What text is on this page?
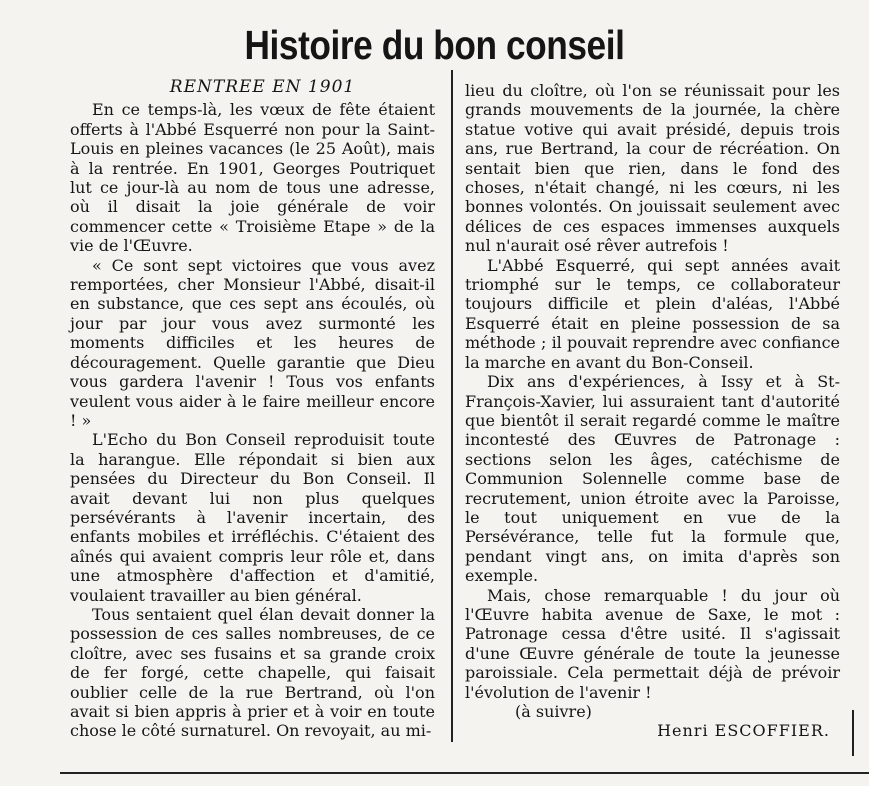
Histoire du bon conseil
RENTREE EN 1901

En ce temps-là, les vœux de fête étaient offerts à l'Abbé Esquerré non pour la Saint-Louis en pleines vacances (le 25 Août), mais à la rentrée. En 1901, Georges Poutriquet lut ce jour-là au nom de tous une adresse, où il disait la joie générale de voir commencer cette « Troisième Etape » de la vie de l'Œuvre.

« Ce sont sept victoires que vous avez remportées, cher Monsieur l'Abbé, disait-il en substance, que ces sept ans écoulés, où jour par jour vous avez surmonté les moments difficiles et les heures de découragement. Quelle garantie que Dieu vous gardera l'avenir ! Tous vos enfants veulent vous aider à le faire meilleur encore ! »

L'Echo du Bon Conseil reproduisit toute la harangue. Elle répondait si bien aux pensées du Directeur du Bon Conseil. Il avait devant lui non plus quelques persévérants à l'avenir incertain, des enfants mobiles et irréfléchis. C'étaient des aînés qui avaient compris leur rôle et, dans une atmosphère d'affection et d'amitié, voulaient travailler au bien général.

Tous sentaient quel élan devait donner la possession de ces salles nombreuses, de ce cloître, avec ses fusains et sa grande croix de fer forgé, cette chapelle, qui faisait oublier celle de la rue Bertrand, où l'on avait si bien appris à prier et à voir en toute chose le côté surnaturel. On revoyait, au mi-

lieu du cloître, où l'on se réunissait pour les grands mouvements de la journée, la chère statue votive qui avait présidé, depuis trois ans, rue Bertrand, la cour de récréation. On sentait bien que rien, dans le fond des choses, n'était changé, ni les cœurs, ni les bonnes volontés. On jouissait seulement avec délices de ces espaces immenses auxquels nul n'aurait osé rêver autrefois !

L'Abbé Esquerré, qui sept années avait triomphé sur le temps, ce collaborateur toujours difficile et plein d'aléas, l'Abbé Esquerré était en pleine possession de sa méthode ; il pouvait reprendre avec confiance la marche en avant du Bon-Conseil.

Dix ans d'expériences, à Issy et à St-François-Xavier, lui assuraient tant d'autorité que bientôt il serait regardé comme le maître incontesté des Œuvres de Patronage : sections selon les âges, catéchisme de Communion Solennelle comme base de recrutement, union étroite avec la Paroisse, le tout uniquement en vue de la Persévérance, telle fut la formule que, pendant vingt ans, on imita d'après son exemple.

Mais, chose remarquable ! du jour où l'Œuvre habita avenue de Saxe, le mot : Patronage cessa d'être usité. Il s'agissait d'une Œuvre générale de toute la jeunesse paroissiale. Cela permettait déjà de prévoir l'évolution de l'avenir !

(à suivre)

Henri ESCOFFIER.
